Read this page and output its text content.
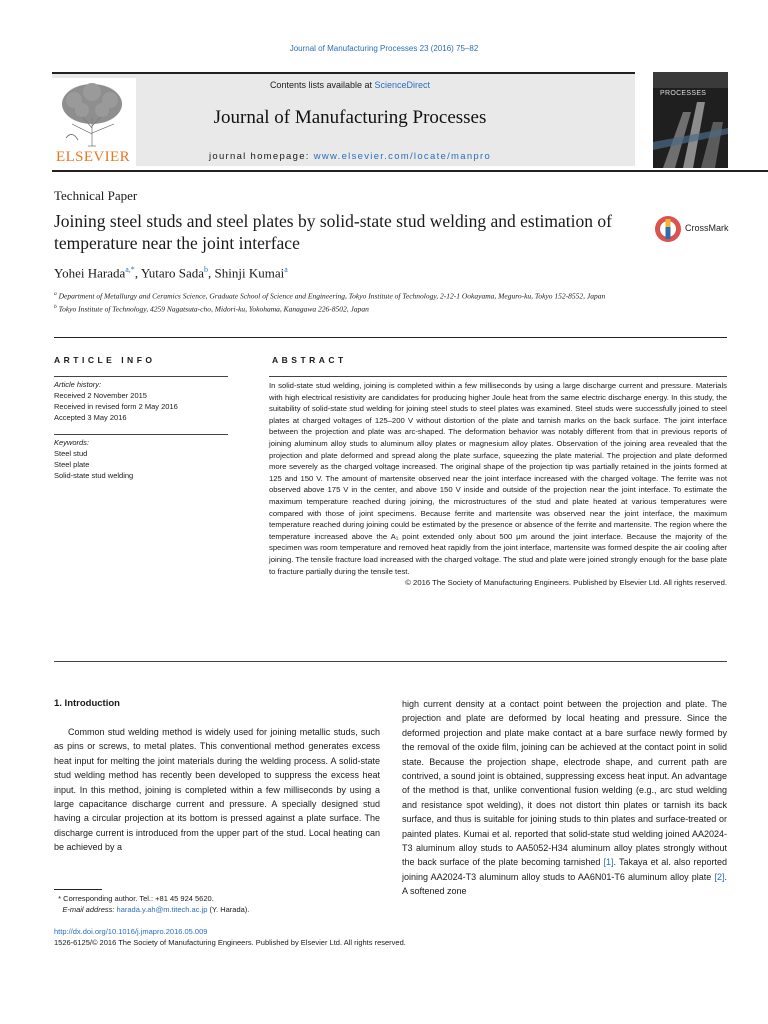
Journal of Manufacturing Processes 23 (2016) 75–82
ELSEVIER
Contents lists available at ScienceDirect
Journal of Manufacturing Processes
journal homepage: www.elsevier.com/locate/manpro
PROCESSES
Technical Paper
Joining steel studs and steel plates by solid-state stud welding and estimation of temperature near the joint interface
CrossMark
Yohei Harada$^{a,*}$, Yutaro Sada$^b$, Shinji Kumai$^a$
$^a$ Department of Metallurgy and Ceramics Science, Graduate School of Science and Engineering, Tokyo Institute of Technology, 2-12-1 Ookayama, Meguro-ku, Tokyo 152-8552, Japan
$^b$ Tokyo Institute of Technology, 4259 Nagatsuta-cho, Midori-ku, Yokohama, Kanagawa 226-8502, Japan
ARTICLE INFO
Article history:
Received 2 November 2015
Received in revised form 2 May 2016
Accepted 3 May 2016
Keywords:
Steel stud
Steel plate
Solid-state stud welding
ABSTRACT
In solid-state stud welding, joining is completed within a few milliseconds by using a large discharge current and pressure. Materials with high electrical resistivity are candidates for producing higher Joule heat from the same electric discharge energy. In this study, the suitability of solid-state stud welding for joining steel studs to steel plates was examined. Steel studs were successfully joined to steel plates at charged voltages of 125–200 V without distortion of the plate and tarnish marks on the back surface. The joint interface between the projection and plate was arc-shaped. The deformation behavior was notably different from that in previous reports of joining aluminum alloy studs to aluminum alloy plates or magnesium alloy plates. Observation of the joining area revealed that the projection and plate deformed and spread along the plate surface, squeezing the plate material. The projection and plate deformed more severely as the charged voltage increased. The original shape of the projection tip was partially retained in the joints formed at 125 and 150 V. The amount of martensite observed near the joint interface increased with the charged voltage. The ferrite was not observed above 175 V in the center, and above 150 V inside and outside of the projection near the joint interface. To estimate the maximum temperature reached during joining, the microstructures of the stud and plate heated at various temperatures were compared with those of joint specimens. Because ferrite and martensite was observed near the joint interface, the maximum temperature reached during joining could be estimated by the presence or absence of the ferrite and martensite. The region where the temperature increased above the A₁ point extended only about 500 μm around the joint interface. Because the majority of the specimen was room temperature and removed heat rapidly from the joint interface, martensite was formed despite the air cooling after joining. The tensile fracture load increased with the charged voltage. The stud and plate were joined strongly enough for the base plate to fracture partially during the tensile test.
© 2016 The Society of Manufacturing Engineers. Published by Elsevier Ltd. All rights reserved.
1. Introduction
Common stud welding method is widely used for joining metallic studs, such as pins or screws, to metal plates. This conventional method generates excess heat input for melting the joint materials during the welding process. A solid-state stud welding method has recently been developed to suppress the excess heat input. In this method, joining is completed within a few milliseconds by using a large capacitance discharge current and pressure. A specially designed stud having a circular projection at its bottom is pressed against a plate surface. The discharge current is introduced from the upper part of the stud. Local heating can be achieved by a
high current density at a contact point between the projection and plate. The projection and plate are deformed by local heating and pressure. Since the deformed projection and plate make contact at a bare surface newly formed by the removal of the oxide film, joining can be achieved at the contact point in solid state. Because the projection shape, electrode shape, and current path are contrived, a sound joint is obtained, suppressing excess heat input. An advantage of the method is that, unlike conventional fusion welding (e.g., arc stud welding and resistance spot welding), it does not distort thin plates or tarnish its back surface, and thus is suitable for joining studs to thin plates and surface-treated or painted plates. Kumai et al. reported that solid-state stud welding joined AA2024-T3 aluminum alloy studs to AA5052-H34 aluminum alloy plates strongly without the back surface of the plate becoming tarnished [1]. Takaya et al. also reported joining AA2024-T3 aluminum alloy studs to AA6N01-T6 aluminum alloy plate [2]. A softened zone
* Corresponding author. Tel.: +81 45 924 5620.
E-mail address: harada.y.ah@m.titech.ac.jp (Y. Harada).
http://dx.doi.org/10.1016/j.jmapro.2016.05.009
1526-6125/© 2016 The Society of Manufacturing Engineers. Published by Elsevier Ltd. All rights reserved.
